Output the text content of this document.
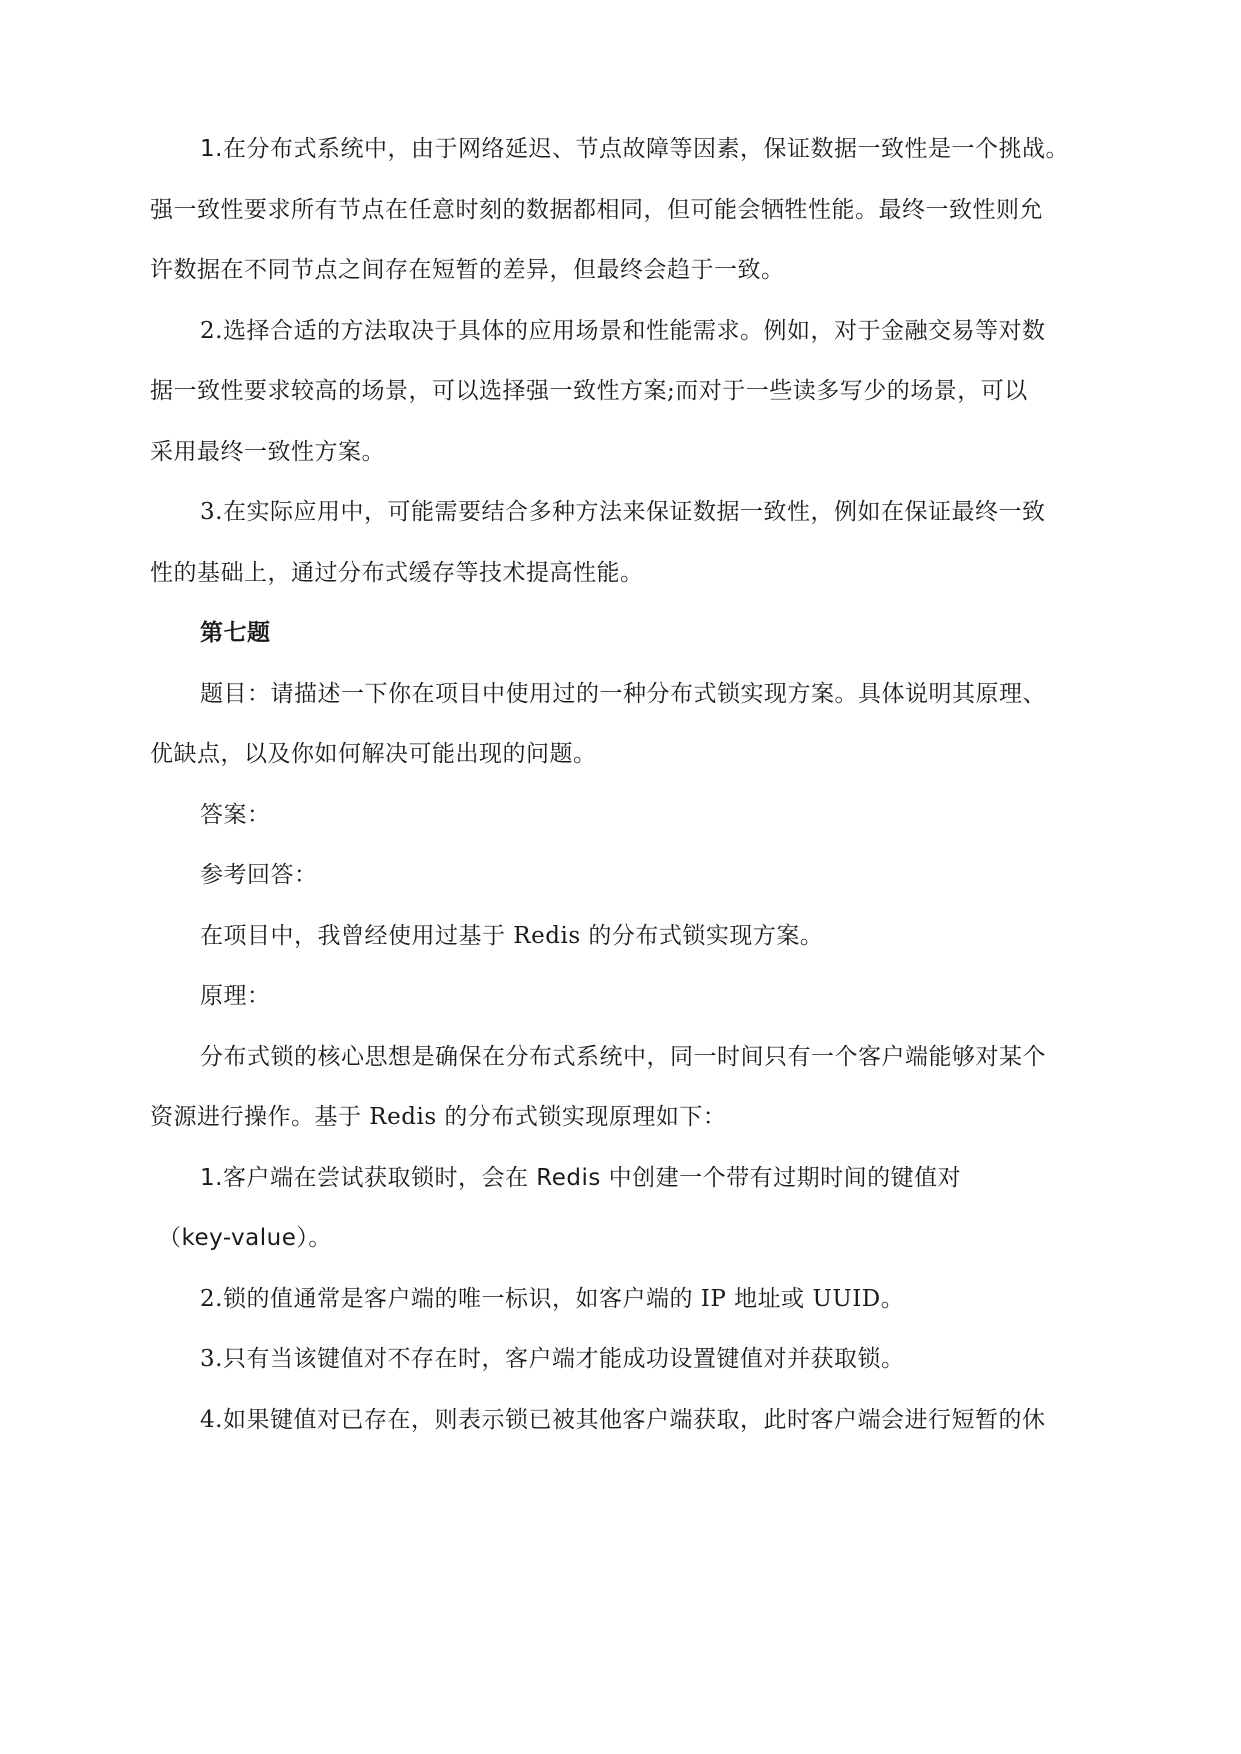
1.在分布式系统中，由于网络延迟、节点故障等因素，保证数据一致性是一个挑战。
强一致性要求所有节点在任意时刻的数据都相同，但可能会牺牲性能。最终一致性则允
许数据在不同节点之间存在短暂的差异，但最终会趋于一致。
2.选择合适的方法取决于具体的应用场景和性能需求。例如，对于金融交易等对数
据一致性要求较高的场景，可以选择强一致性方案;而对于一些读多写少的场景，可以
采用最终一致性方案。
3.在实际应用中，可能需要结合多种方法来保证数据一致性，例如在保证最终一致
性的基础上，通过分布式缓存等技术提高性能。
第七题
题目：请描述一下你在项目中使用过的一种分布式锁实现方案。具体说明其原理、
优缺点，以及你如何解决可能出现的问题。
答案：
参考回答：
在项目中，我曾经使用过基于 Redis 的分布式锁实现方案。
原理：
分布式锁的核心思想是确保在分布式系统中，同一时间只有一个客户端能够对某个
资源进行操作。基于 Redis 的分布式锁实现原理如下：
1.客户端在尝试获取锁时，会在 Redis 中创建一个带有过期时间的键值对
（key-value）。
2.锁的值通常是客户端的唯一标识，如客户端的 IP 地址或 UUID。
3.只有当该键值对不存在时，客户端才能成功设置键值对并获取锁。
4.如果键值对已存在，则表示锁已被其他客户端获取，此时客户端会进行短暂的休
